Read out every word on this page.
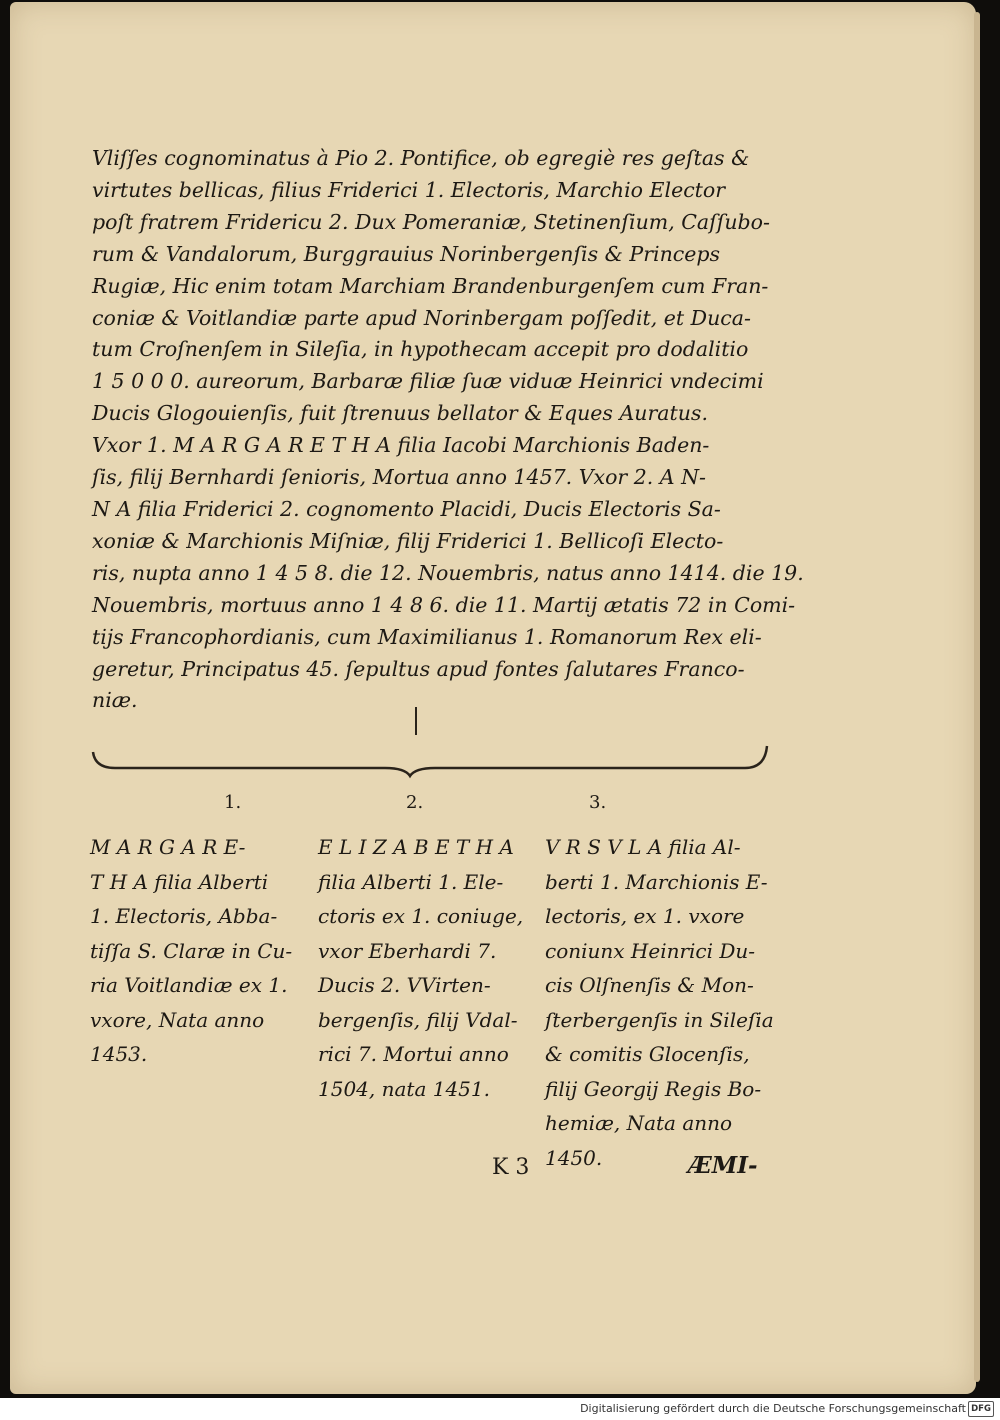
Vliſſes cognominatus à Pio 2. Pontifice, ob egregiè res geſtas &
virtutes bellicas, filius Friderici 1. Electoris, Marchio Elector
poſt fratrem Fridericu 2. Dux Pomeraniæ, Stetinenſium, Caſſubo-
rum & Vandalorum, Burggrauius Norinbergenſis & Princeps
Rugiæ, Hic enim totam Marchiam Brandenburgenſem cum Fran-
coniæ & Voitlandiæ parte apud Norinbergam poſſedit, et Duca-
tum Croſnenſem in Sileſia, in hypothecam accepit pro dodalitio
1 5 0 0 0. aureorum, Barbaræ filiæ ſuæ viduæ Heinrici vndecimi
Ducis Glogouienſis, fuit ſtrenuus bellator & Eques Auratus.
Vxor 1. M A R G A R E T H A filia Iacobi Marchionis Baden-
ſis, filij Bernhardi ſenioris, Mortua anno 1457. Vxor 2. A N-
N A filia Friderici 2. cognomento Placidi, Ducis Electoris Sa-
xoniæ & Marchionis Miſniæ, filij Friderici 1. Bellicoſi Electo-
ris, nupta anno 1 4 5 8. die 12. Nouembris, natus anno 1414. die 19.
Nouembris, mortuus anno 1 4 8 6. die 11. Martij ætatis 72 in Comi-
tijs Francophordianis, cum Maximilianus 1. Romanorum Rex eli-
geretur, Principatus 45. ſepultus apud fontes ſalutares Franco-
niæ.
1.	2.	3.
M A R G A R E-
T H A filia Alberti
1. Electoris, Abba-
tiſſa S. Claræ in Cu-
ria Voitlandiæ ex 1.
vxore, Nata anno
1453.
E L I Z A B E T H A
filia Alberti 1. Ele-
ctoris ex 1. coniuge,
vxor Eberhardi 7.
Ducis 2. VVirten-
bergenſis, filij Vdal-
rici 7. Mortui anno
1504, nata 1451.
V R S V L A filia Al-
berti 1. Marchionis E-
lectoris, ex 1. vxore
coniunx Heinrici Du-
cis Olſnenſis & Mon-
ſterbergenſis in Sileſia
& comitis Glocenſis,
filij Georgij Regis Bo-
hemiæ, Nata anno
1450.
K 3	ÆMI-
Digitalisierung gefördert durch die Deutsche Forschungsgemeinschaft DFG
